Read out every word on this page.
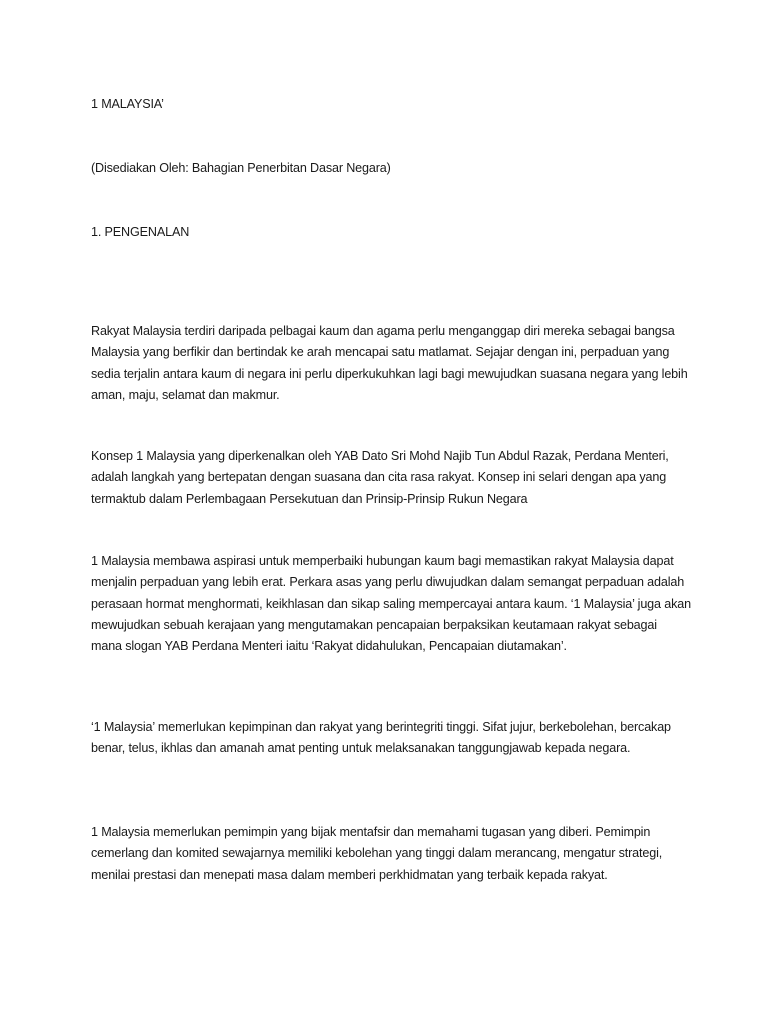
1 MALAYSIA’
(Disediakan Oleh: Bahagian Penerbitan Dasar Negara)
1. PENGENALAN
Rakyat Malaysia terdiri daripada pelbagai kaum dan agama perlu menganggap diri mereka sebagai bangsa Malaysia yang berfikir dan bertindak ke arah mencapai satu matlamat. Sejajar dengan ini, perpaduan yang sedia terjalin antara kaum di negara ini perlu diperkukuhkan lagi bagi mewujudkan suasana negara yang lebih aman, maju, selamat dan makmur.
Konsep 1 Malaysia yang diperkenalkan oleh YAB Dato Sri Mohd Najib Tun Abdul Razak, Perdana Menteri, adalah langkah yang bertepatan dengan suasana dan cita rasa rakyat. Konsep ini selari dengan apa yang termaktub dalam Perlembagaan Persekutuan dan Prinsip-Prinsip Rukun Negara
1 Malaysia membawa aspirasi untuk memperbaiki hubungan kaum bagi memastikan rakyat Malaysia dapat menjalin perpaduan yang lebih erat. Perkara asas yang perlu diwujudkan dalam semangat perpaduan adalah perasaan hormat menghormati, keikhlasan dan sikap saling mempercayai antara kaum. ‘1 Malaysia’ juga akan mewujudkan sebuah kerajaan yang mengutamakan pencapaian berpaksikan keutamaan rakyat sebagai mana slogan YAB Perdana Menteri iaitu ‘Rakyat didahulukan, Pencapaian diutamakan’.
‘1 Malaysia’ memerlukan kepimpinan dan rakyat yang berintegriti tinggi. Sifat jujur, berkebolehan, bercakap benar, telus, ikhlas dan amanah amat penting untuk melaksanakan tanggungjawab kepada negara.
1 Malaysia memerlukan pemimpin yang bijak mentafsir dan memahami tugasan yang diberi. Pemimpin cemerlang dan komited sewajarnya memiliki kebolehan yang tinggi dalam merancang, mengatur strategi, menilai prestasi dan menepati masa dalam memberi perkhidmatan yang terbaik kepada rakyat.
